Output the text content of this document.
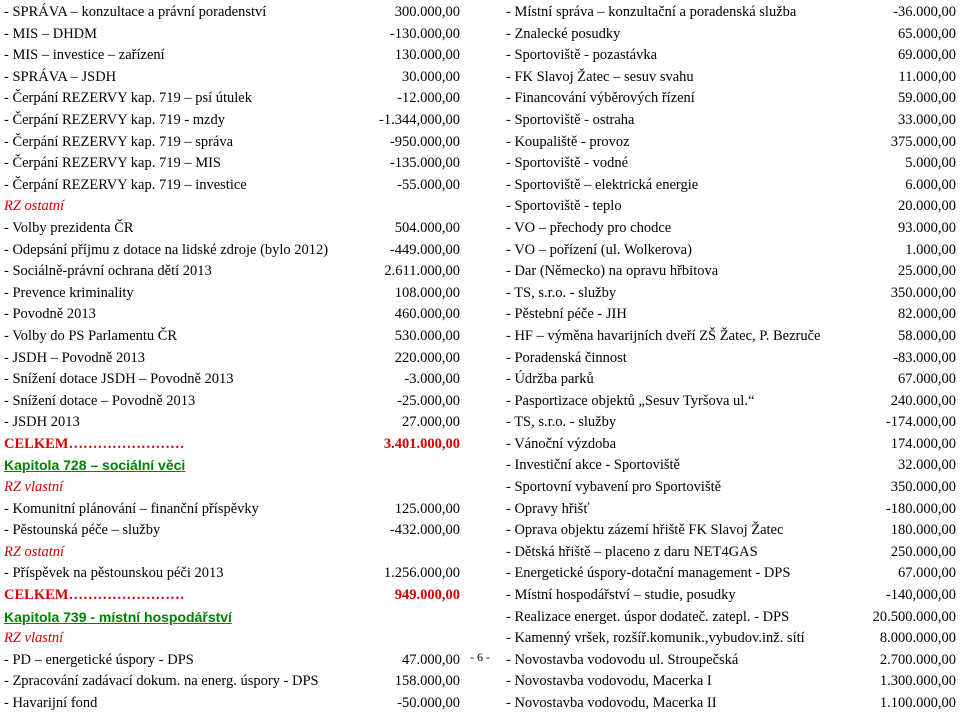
- SPRÁVA – konzultace a právní poradenství	300.000,00
- MIS – DHDM	-130.000,00
- MIS – investice – zařízení	130.000,00
- SPRÁVA – JSDH	30.000,00
- Čerpání REZERVY kap. 719 – psí útulek	-12.000,00
- Čerpání REZERVY kap. 719 - mzdy	-1.344,000,00
- Čerpání REZERVY kap. 719 – správa	-950.000,00
- Čerpání REZERVY kap. 719 – MIS	-135.000,00
- Čerpání REZERVY kap. 719 – investice	-55.000,00
RZ ostatní
- Volby prezidenta ČR	504.000,00
- Odepsání příjmu z dotace na lidské zdroje (bylo 2012)	-449.000,00
- Sociálně-právní ochrana dětí 2013	2.611.000,00
- Prevence kriminality	108.000,00
- Povodně 2013	460.000,00
- Volby do PS Parlamentu ČR	530.000,00
- JSDH – Povodně 2013	220.000,00
- Snížení dotace JSDH – Povodně 2013	-3.000,00
- Snížení dotace – Povodně 2013	-25.000,00
- JSDH 2013	27.000,00
CELKEM……………………	3.401.000,00
Kapitola 728 – sociální věci
RZ vlastní
- Komunitní plánování – finanční příspěvky	125.000,00
- Pěstounská péče – služby	-432.000,00
RZ ostatní
- Příspěvek na pěstounskou péči 2013	1.256.000,00
CELKEM……………………	949.000,00
Kapitola 739 - místní hospodářství
RZ vlastní
- PD – energetické úspory - DPS	47.000,00
- Zpracování zadávací dokum. na energ. úspory - DPS	158.000,00
- Havarijní fond	-50.000,00
- Místní správa – konzultační a poradenská služba	-36.000,00
- Znalecké posudky	65.000,00
- Sportoviště - pozastávka	69.000,00
- FK Slavoj Žatec – sesuv svahu	11.000,00
- Financování výběrových řízení	59.000,00
- Sportoviště - ostraha	33.000,00
- Koupaliště - provoz	375.000,00
- Sportoviště - vodné	5.000,00
- Sportoviště – elektrická energie	6.000,00
- Sportoviště - teplo	20.000,00
- VO – přechody pro chodce	93.000,00
- VO – pořízení (ul. Wolkerova)	1.000,00
- Dar (Německo) na opravu hřbitova	25.000,00
- TS, s.r.o. - služby	350.000,00
- Pěstební péče - JIH	82.000,00
- HF – výměna havarijních dveří ZŠ Žatec, P. Bezruče	58.000,00
- Poradenská činnost	-83.000,00
- Údržba parků	67.000,00
- Pasportizace objektů „Sesuv Tyršova ul.“	240.000,00
- TS, s.r.o. - služby	-174.000,00
- Vánoční výzdoba	174.000,00
- Investiční akce - Sportoviště	32.000,00
- Sportovní vybavení pro Sportoviště	350.000,00
- Opravy hřišť	-180.000,00
- Oprava objektu zázemí hřiště FK Slavoj Žatec	180.000,00
- Dětská hřiště – placeno z daru NET4GAS	250.000,00
- Energetické úspory-dotační management - DPS	67.000,00
- Místní hospodářství – studie, posudky	-140,000,00
- Realizace energet. úspor dodateč. zatepl. - DPS	20.500.000,00
- Kamenný vršek, rozšíř.komunik.,vybudov.inž. sítí	8.000.000,00
- Novostavba vodovodu ul. Stroupečská	2.700.000,00
- Novostavba vodovodu, Macerka I	1.300.000,00
- Novostavba vodovodu, Macerka II	1.100.000,00
- 6 -
